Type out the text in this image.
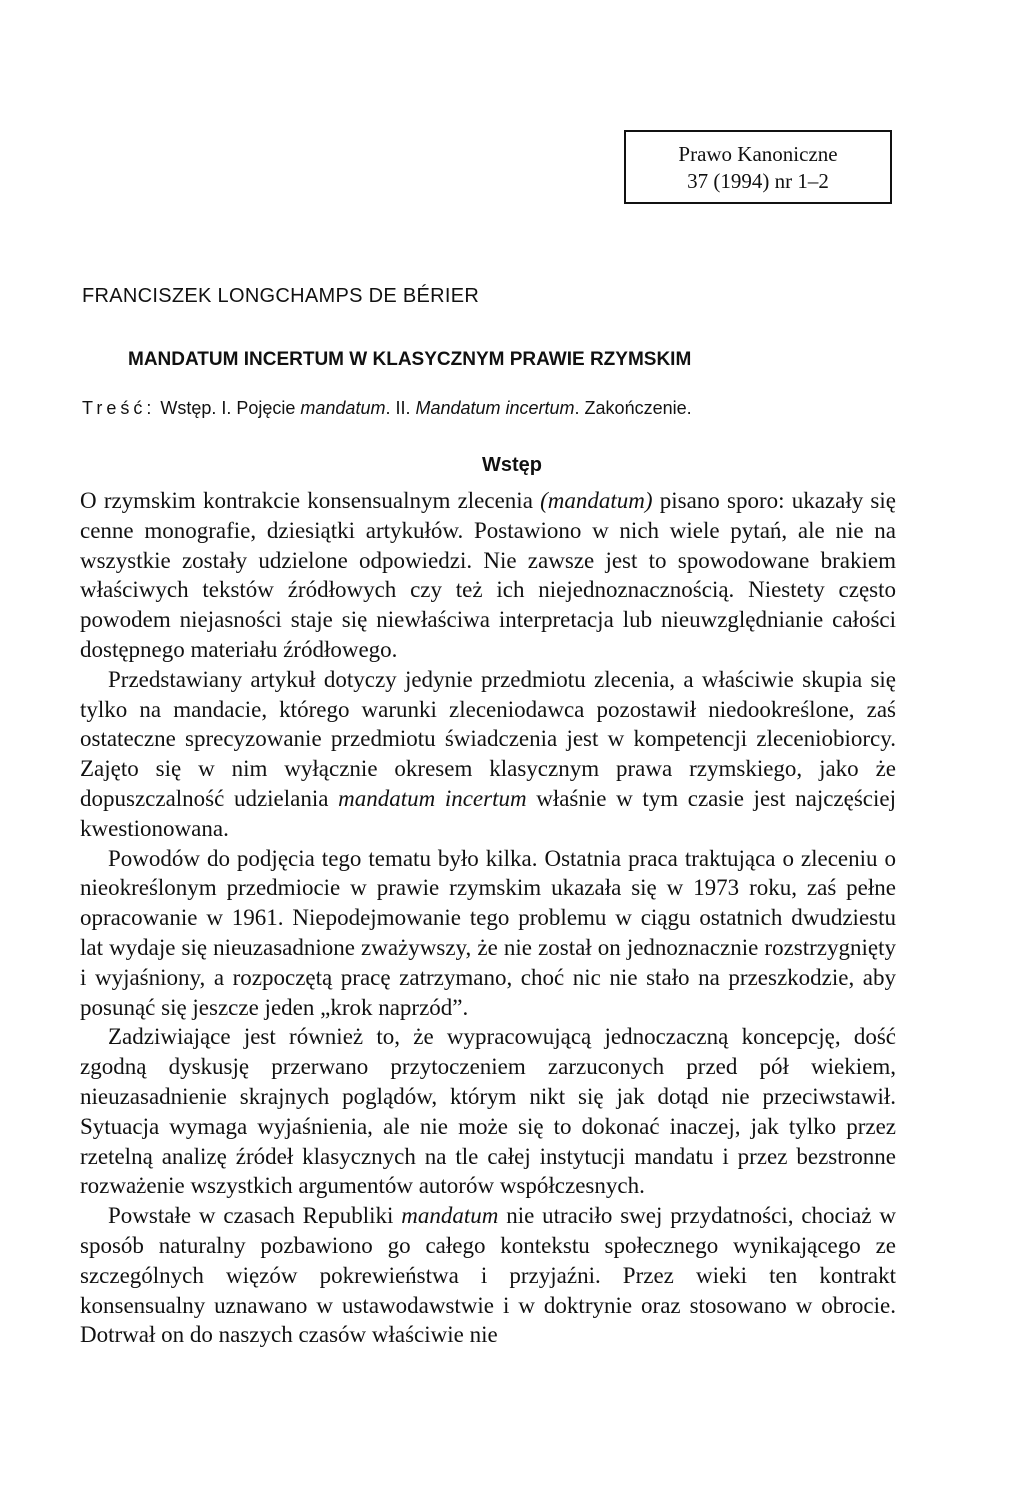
Prawo Kanoniczne
37 (1994) nr 1–2
FRANCISZEK LONGCHAMPS DE BÉRIER
MANDATUM INCERTUM W KLASYCZNYM PRAWIE RZYMSKIM
Treść: Wstęp. I. Pojęcie mandatum. II. Mandatum incertum. Zakończenie.
Wstęp

O rzymskim kontrakcie konsensualnym zlecenia (mandatum) pisano sporo: ukazały się cenne monografie, dziesiątki artykułów. Postawiono w nich wiele pytań, ale nie na wszystkie zostały udzielone odpowiedzi. Nie zawsze jest to spowodowane brakiem właściwych tekstów źródłowych czy też ich niejednoznacznością. Niestety często powodem niejasności staje się niewłaściwa interpretacja lub nieuwzględnianie całości dostępnego materiału źródłowego.

Przedstawiany artykuł dotyczy jedynie przedmiotu zlecenia, a właściwie skupia się tylko na mandacie, którego warunki zleceniodawca pozostawił niedookreślone, zaś ostateczne sprecyzowanie przedmiotu świadczenia jest w kompetencji zleceniobiorcy. Zajęto się w nim wyłącznie okresem klasycznym prawa rzymskiego, jako że dopuszczalność udzielania mandatum incertum właśnie w tym czasie jest najczęściej kwestionowana.

Powodów do podjęcia tego tematu było kilka. Ostatnia praca traktująca o zleceniu o nieokreślonym przedmiocie w prawie rzymskim ukazała się w 1973 roku, zaś pełne opracowanie w 1961. Niepodejmowanie tego problemu w ciągu ostatnich dwudziestu lat wydaje się nieuzasadnione zważywszy, że nie został on jednoznacznie rozstrzygnięty i wyjaśniony, a rozpoczętą pracę zatrzymano, choć nic nie stało na przeszkodzie, aby posunąć się jeszcze jeden „krok naprzód”.

Zadziwiające jest również to, że wypracowującą jednoczaczną koncepcję, dość zgodną dyskusję przerwano przytoczeniem zarzuconych przed pół wiekiem, nieuzasadnienie skrajnych poglądów, którym nikt się jak dotąd nie przeciwstawił. Sytuacja wymaga wyjaśnienia, ale nie może się to dokonać inaczej, jak tylko przez rzetelną analizę źródeł klasycznych na tle całej instytucji mandatu i przez bezstronne rozważenie wszystkich argumentów autorów współczesnych.

Powstałe w czasach Republiki mandatum nie utraciło swej przydatności, chociaż w sposób naturalny pozbawiono go całego kontekstu społecznego wynikającego ze szczególnych więzów pokrewieństwa i przyjaźni. Przez wieki ten kontrakt konsensualny uznawano w ustawodawstwie i w doktrynie oraz stosowano w obrocie. Dotrwał on do naszych czasów właściwie nie
